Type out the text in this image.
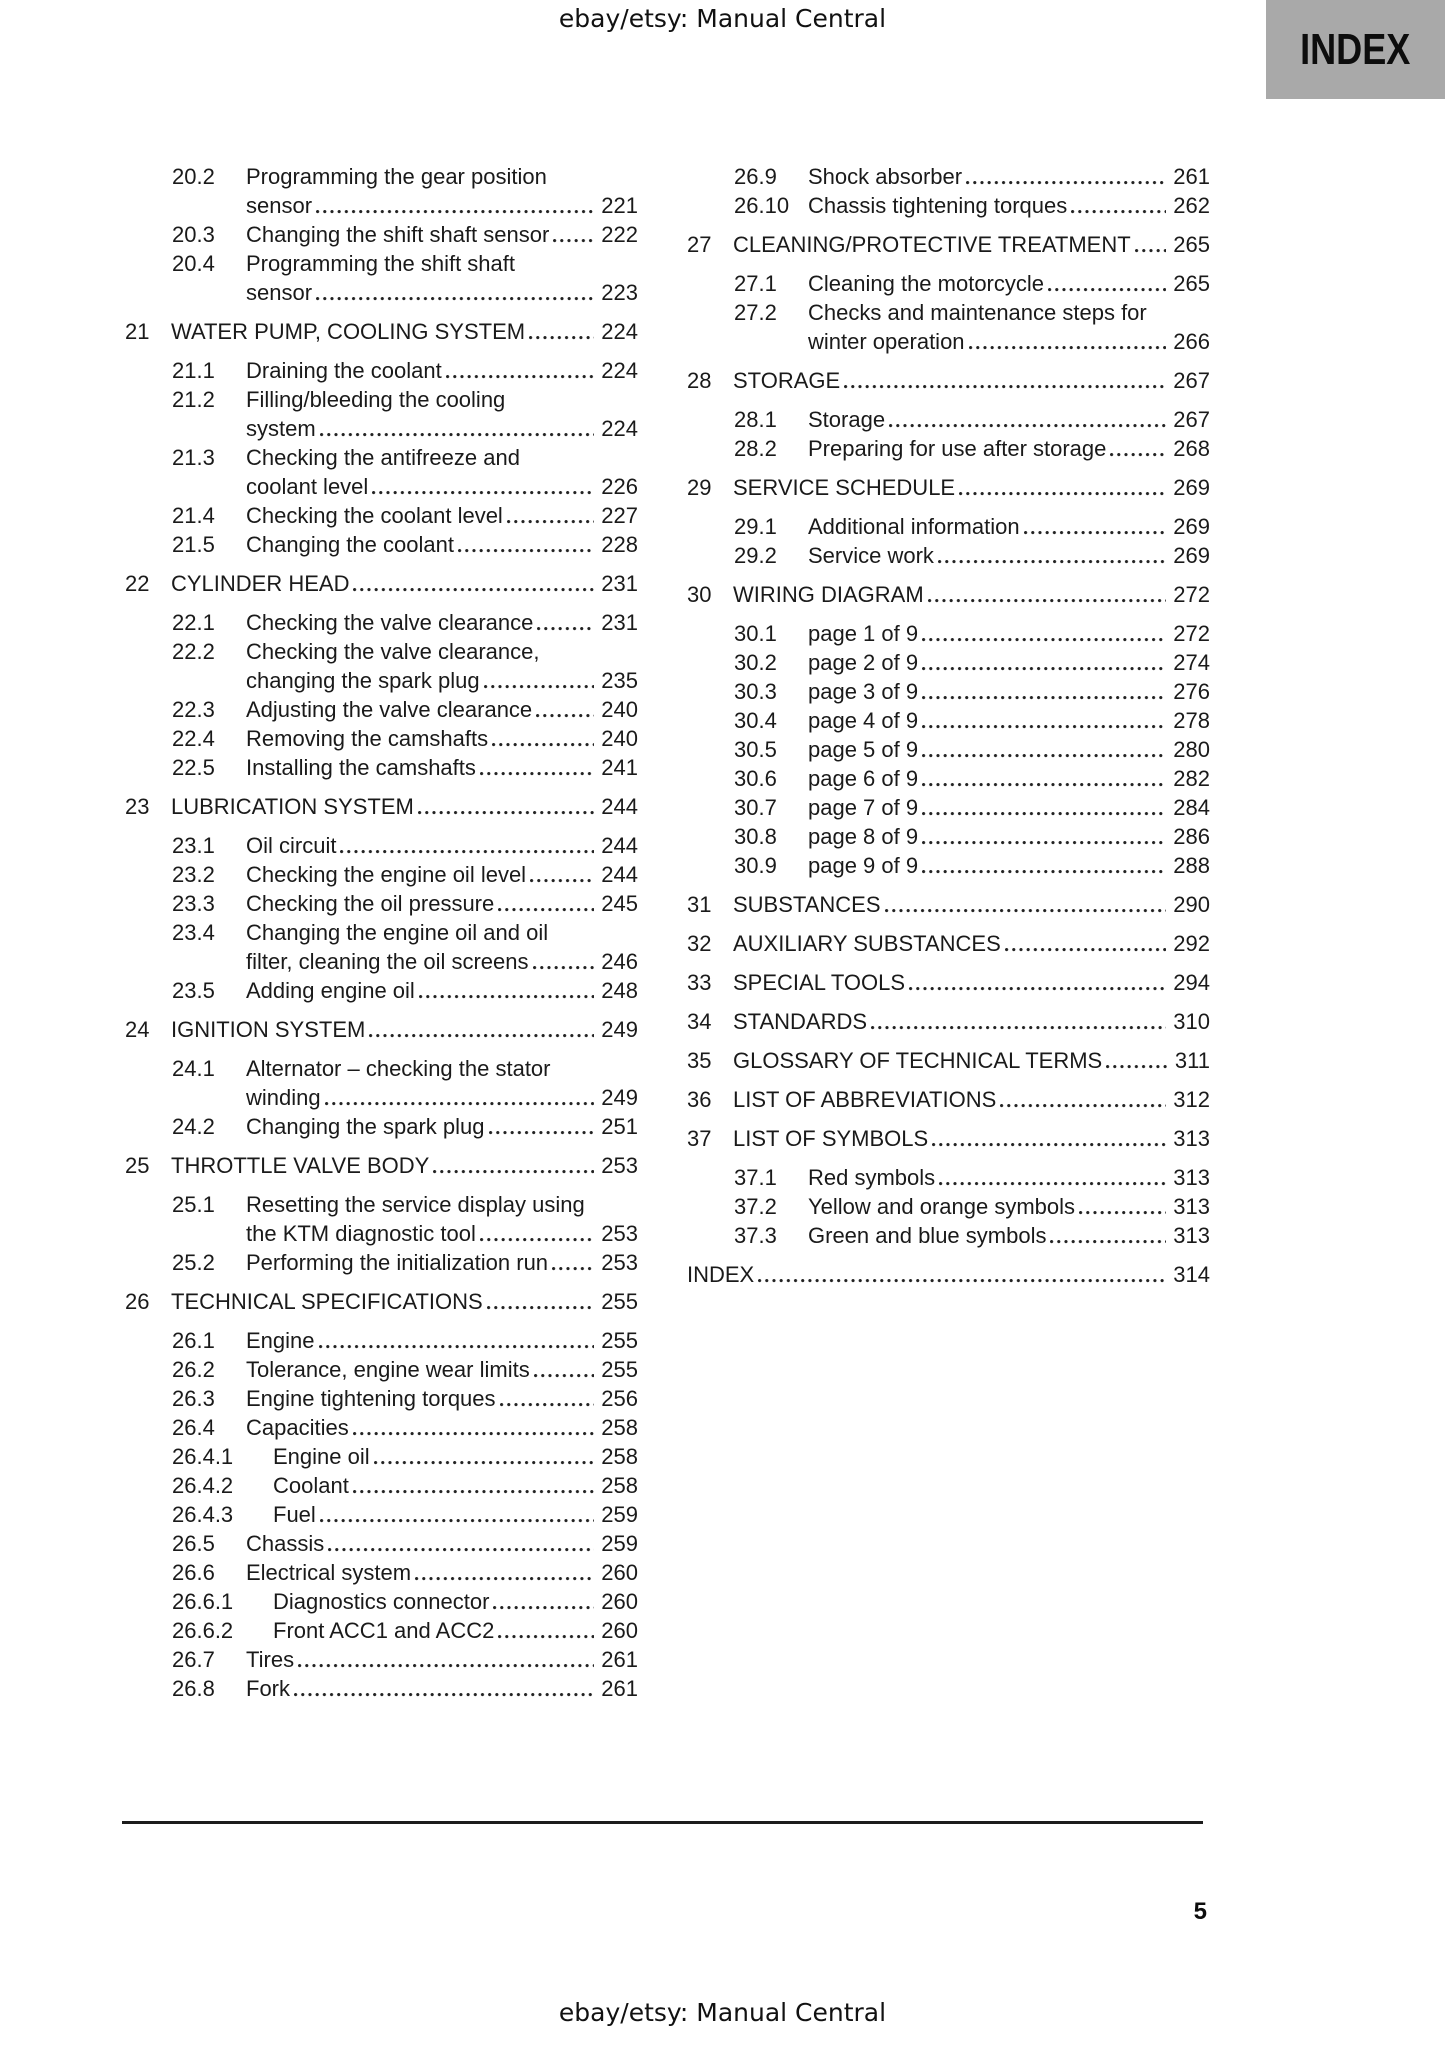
ebay/etsy: Manual Central
INDEX
20.2	Programming the gear position
sensor	221
20.3	Changing the shift shaft sensor 222
20.4	Programming the shift shaft
sensor	223
21 WATER PUMP, COOLING SYSTEM	224
21.1	Draining the coolant	224
21.2	Filling/bleeding the cooling
system	224
21.3	Checking the antifreeze and
coolant level	226
21.4	Checking the coolant level	227
21.5	Changing the coolant	228
22 CYLINDER HEAD	231
22.1	Checking the valve clearance	231
22.2	Checking the valve clearance,
changing the spark plug	235
22.3	Adjusting the valve clearance	240
22.4	Removing the camshafts	240
22.5	Installing the camshafts	241
23 LUBRICATION SYSTEM	244
23.1	Oil circuit	244
23.2	Checking the engine oil level	244
23.3	Checking the oil pressure	245
23.4	Changing the engine oil and oil
filter, cleaning the oil screens	246
23.5	Adding engine oil	248
24 IGNITION SYSTEM	249
24.1	Alternator – checking the stator
winding	249
24.2	Changing the spark plug	251
25 THROTTLE VALVE BODY	253
25.1	Resetting the service display using
the KTM diagnostic tool	253
25.2	Performing the initialization run 253
26 TECHNICAL SPECIFICATIONS	255
26.1	Engine	255
26.2	Tolerance, engine wear limits	255
26.3	Engine tightening torques	256
26.4	Capacities	258
26.4.1	Engine oil	258
26.4.2	Coolant	258
26.4.3	Fuel	259
26.5	Chassis	259
26.6	Electrical system	260
26.6.1	Diagnostics connector	260
26.6.2	Front ACC1 and ACC2	260
26.7	Tires	261
26.8	Fork	261
26.9	Shock absorber	261
26.10 Chassis tightening torques	262
27 CLEANING/PROTECTIVE TREATMENT 265
27.1	Cleaning the motorcycle	265
27.2	Checks and maintenance steps for
winter operation	266
28 STORAGE	267
28.1	Storage	267
28.2	Preparing for use after storage	268
29 SERVICE SCHEDULE	269
29.1	Additional information	269
29.2	Service work	269
30 WIRING DIAGRAM	272
30.1	page 1 of 9	272
30.2	page 2 of 9	274
30.3	page 3 of 9	276
30.4	page 4 of 9	278
30.5	page 5 of 9	280
30.6	page 6 of 9	282
30.7	page 7 of 9	284
30.8	page 8 of 9	286
30.9	page 9 of 9	288
31 SUBSTANCES	290
32 AUXILIARY SUBSTANCES	292
33 SPECIAL TOOLS	294
34 STANDARDS	310
35 GLOSSARY OF TECHNICAL TERMS	311
36 LIST OF ABBREVIATIONS	312
37 LIST OF SYMBOLS	313
37.1	Red symbols	313
37.2	Yellow and orange symbols	313
37.3	Green and blue symbols	313
INDEX	314
5
ebay/etsy: Manual Central
